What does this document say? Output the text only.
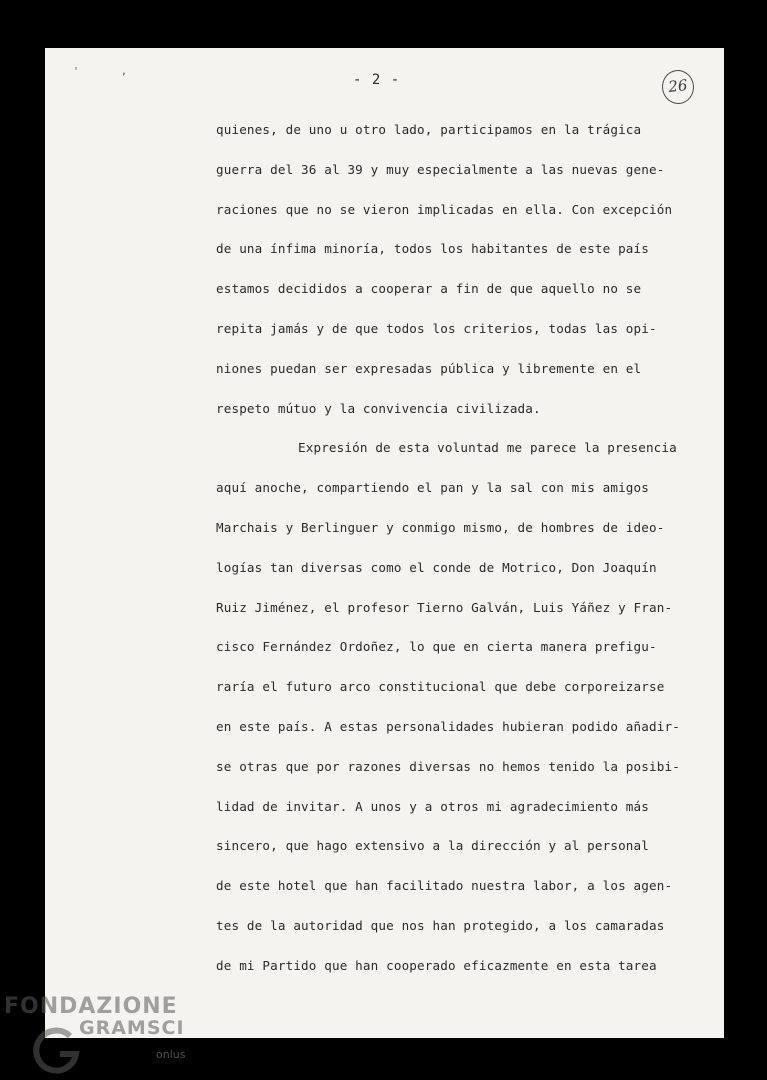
' ,
- 2 -	26
quienes, de uno u otro lado, participamos en la trágica
guerra del 36 al 39 y muy especialmente a las nuevas gene-
raciones que no se vieron implicadas en ella. Con excepción
de una ínfima minoría, todos los habitantes de este país
estamos decididos a cooperar a fin de que aquello no se
repita jamás y de que todos los criterios, todas las opi-
niones puedan ser expresadas pública y libremente en el
respeto mútuo y la convivencia civilizada.
Expresión de esta voluntad me parece la presencia
aquí anoche, compartiendo el pan y la sal con mis amigos
Marchais y Berlinguer y conmigo mismo, de hombres de ideo-
logías tan diversas como el conde de Motrico, Don Joaquín
Ruiz Jiménez, el profesor Tierno Galván, Luis Yáñez y Fran-
cisco Fernández Ordoñez, lo que en cierta manera prefigu-
raría el futuro arco constitucional que debe corporeizarse
en este país. A estas personalidades hubieran podido añadir-
se otras que por razones diversas no hemos tenido la posibi-
lidad de invitar. A unos y a otros mi agradecimiento más
sincero, que hago extensivo a la dirección y al personal
de este hotel que han facilitado nuestra labor, a los agen-
tes de la autoridad que nos han protegido, a los camaradas
de mi Partido que han cooperado eficazmente en esta tarea
FONDAZIONE
GRAMSCI
onlus
